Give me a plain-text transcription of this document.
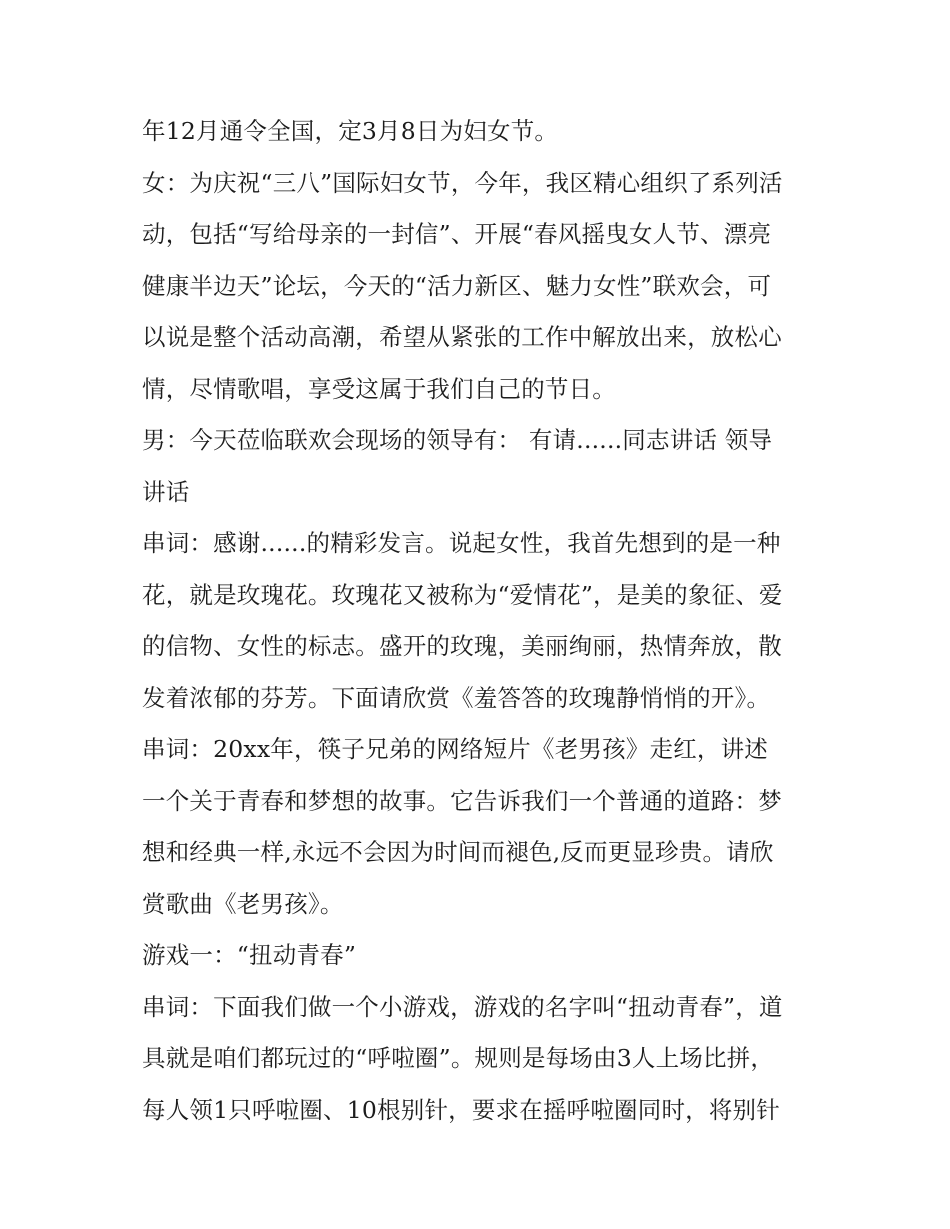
年12月通令全国，定3月8日为妇女节。
女：为庆祝“三八”国际妇女节，今年，我区精心组织了系列活
动，包括“写给母亲的一封信”、开展“春风摇曳女人节、漂亮
健康半边天”论坛，今天的“活力新区、魅力女性”联欢会，可
以说是整个活动高潮，希望从紧张的工作中解放出来，放松心
情，尽情歌唱，享受这属于我们自己的节日。
男：今天莅临联欢会现场的领导有： 有请......同志讲话 领导
讲话
串词：感谢......的精彩发言。说起女性，我首先想到的是一种
花，就是玫瑰花。玫瑰花又被称为“爱情花”，是美的象征、爱
的信物、女性的标志。盛开的玫瑰，美丽绚丽，热情奔放，散
发着浓郁的芬芳。下面请欣赏《羞答答的玫瑰静悄悄的开》。
串词：20xx年，筷子兄弟的网络短片《老男孩》走红，讲述
一个关于青春和梦想的故事。它告诉我们一个普通的道路：梦
想和经典一样,永远不会因为时间而褪色,反而更显珍贵。请欣
赏歌曲《老男孩》。
游戏一：“扭动青春”
串词：下面我们做一个小游戏，游戏的名字叫“扭动青春”，道
具就是咱们都玩过的“呼啦圈”。规则是每场由3人上场比拼，
每人领1只呼啦圈、10根别针，要求在摇呼啦圈同时，将别针
